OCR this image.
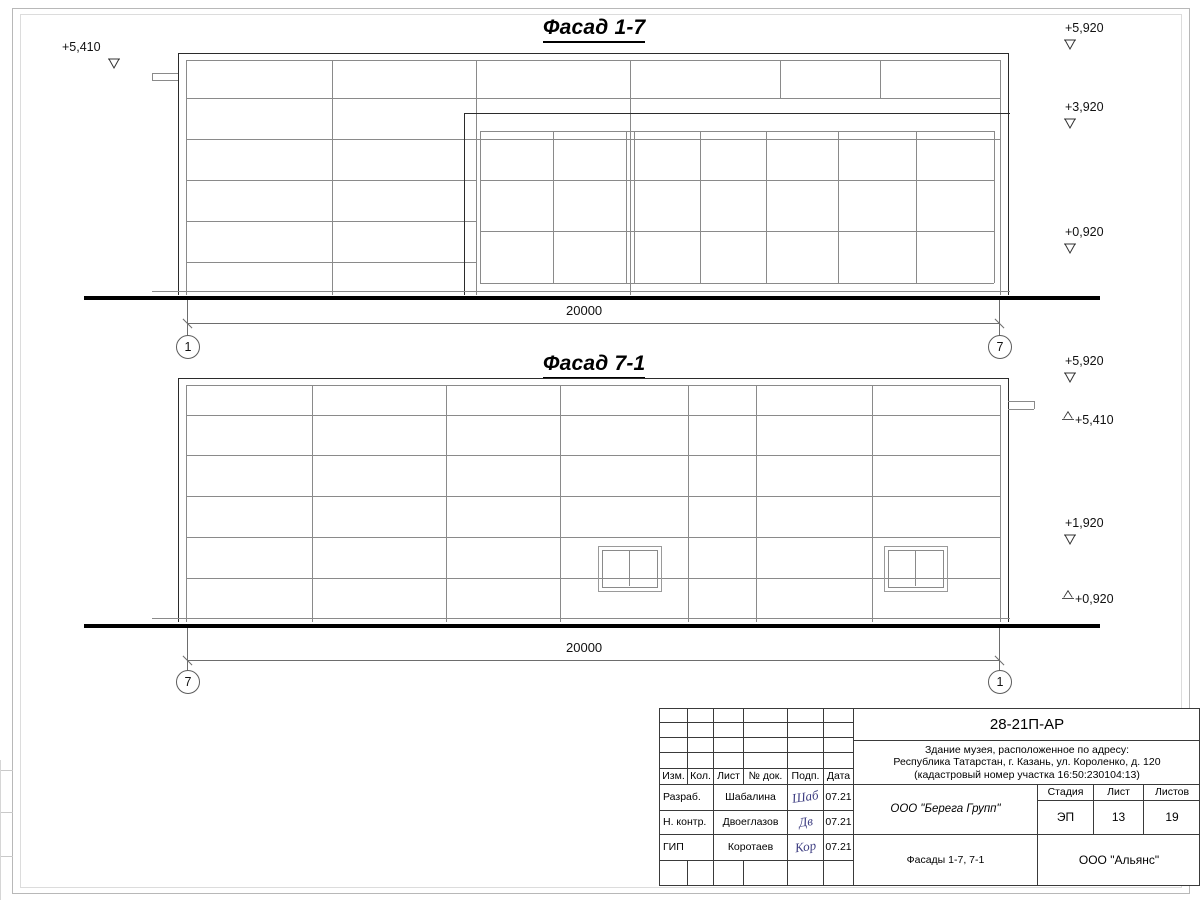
Фасад 1-7
20000
1	7
+5,410
+5,920
+3,920
+0,920
Фасад 7-1
20000
7	1
+5,920
+5,410
+1,920
+0,920
Изм. Кол. Лист № док. Подп. Дата
Разраб.	Шабалина	Шаб 07.21
Н. контр.	Двоеглазов	Дв 07.21
ГИП	Коротаев	Кор 07.21
28-21П-АР
Здание музея, расположенное по адресу:
Республика Татарстан, г. Казань, ул. Короленко, д. 120
(кадастровый номер участка 16:50:230104:13)
Стадия	Лист	Листов
ООО "Берега Групп"
ЭП	13	19
Фасады 1-7, 7-1	ООО "Альянс"
